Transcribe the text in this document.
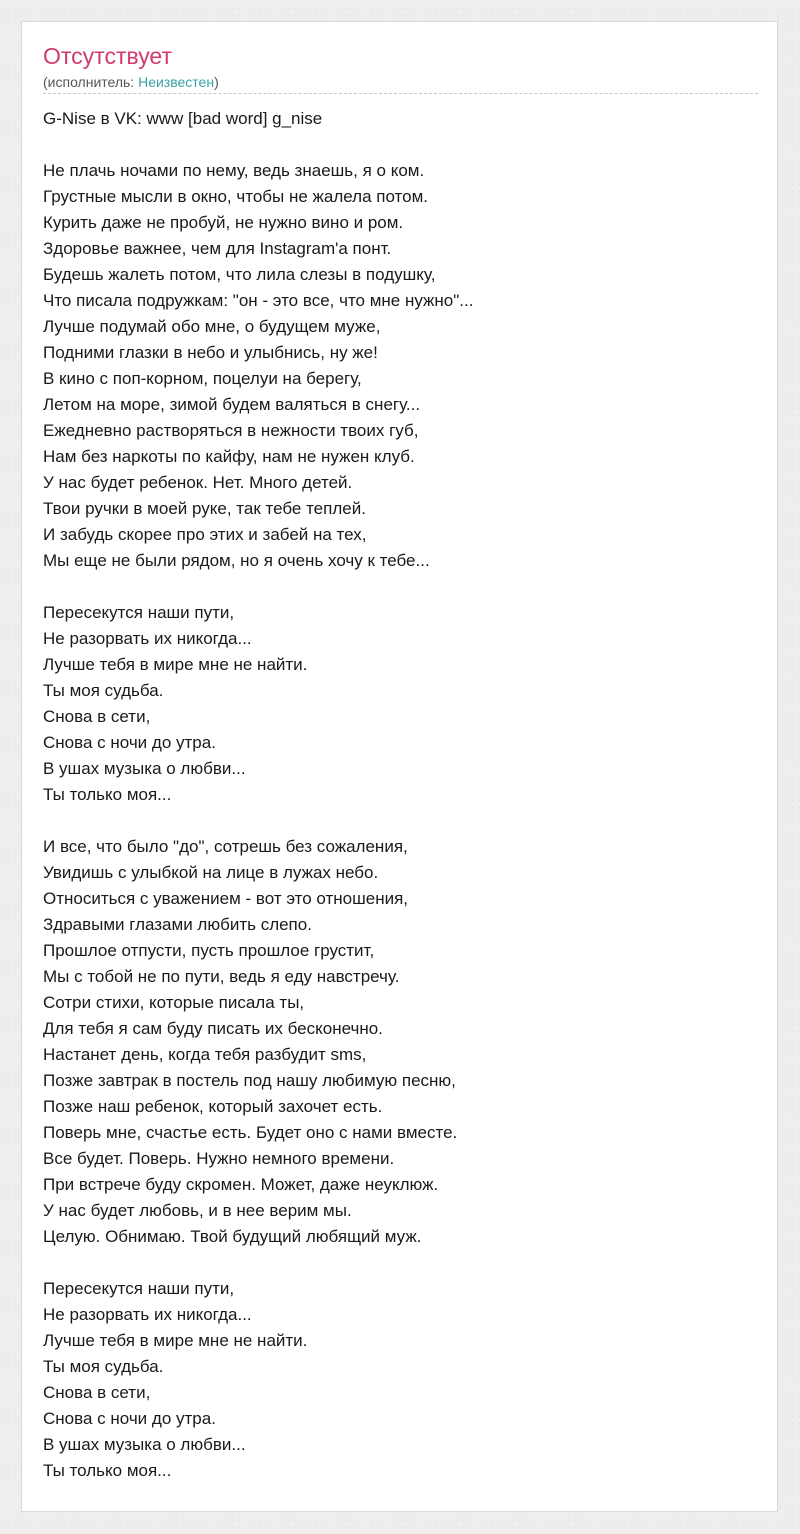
Отсутствует
(исполнитель: Неизвестен)
G-Nise в VK: www [bad word] g_nise
Не плачь ночами по нему, ведь знаешь, я о ком.
Грустные мысли в окно, чтобы не жалела потом.
Курить даже не пробуй, не нужно вино и ром.
Здоровье важнее, чем для Instagram'а понт.
Будешь жалеть потом, что лила слезы в подушку,
Что писала подружкам: "он - это все, что мне нужно"...
Лучше подумай обо мне, о будущем муже,
Подними глазки в небо и улыбнись, ну же!
В кино с поп-корном, поцелуи на берегу,
Летом на море, зимой будем валяться в снегу...
Ежедневно растворяться в нежности твоих губ,
Нам без наркоты по кайфу, нам не нужен клуб.
У нас будет ребенок. Нет. Много детей.
Твои ручки в моей руке, так тебе теплей.
И забудь скорее про этих и забей на тех,
Мы еще не были рядом, но я очень хочу к тебе...
Пересекутся наши пути,
Не разорвать их никогда...
Лучше тебя в мире мне не найти.
Ты моя судьба.
Снова в сети,
Снова с ночи до утра.
В ушах музыка о любви...
Ты только моя...
И все, что было "до", сотрешь без сожаления,
Увидишь с улыбкой на лице в лужах небо.
Относиться с уважением - вот это отношения,
Здравыми глазами любить слепо.
Прошлое отпусти, пусть прошлое грустит,
Мы с тобой не по пути, ведь я еду навстречу.
Сотри стихи, которые писала ты,
Для тебя я сам буду писать их бесконечно.
Настанет день, когда тебя разбудит sms,
Позже завтрак в постель под нашу любимую песню,
Позже наш ребенок, который захочет есть.
Поверь мне, счастье есть. Будет оно с нами вместе.
Все будет. Поверь. Нужно немного времени.
При встрече буду скромен. Может, даже неуклюж.
У нас будет любовь, и в нее верим мы.
Целую. Обнимаю. Твой будущий любящий муж.
Пересекутся наши пути,
Не разорвать их никогда...
Лучше тебя в мире мне не найти.
Ты моя судьба.
Снова в сети,
Снова с ночи до утра.
В ушах музыка о любви...
Ты только моя...
